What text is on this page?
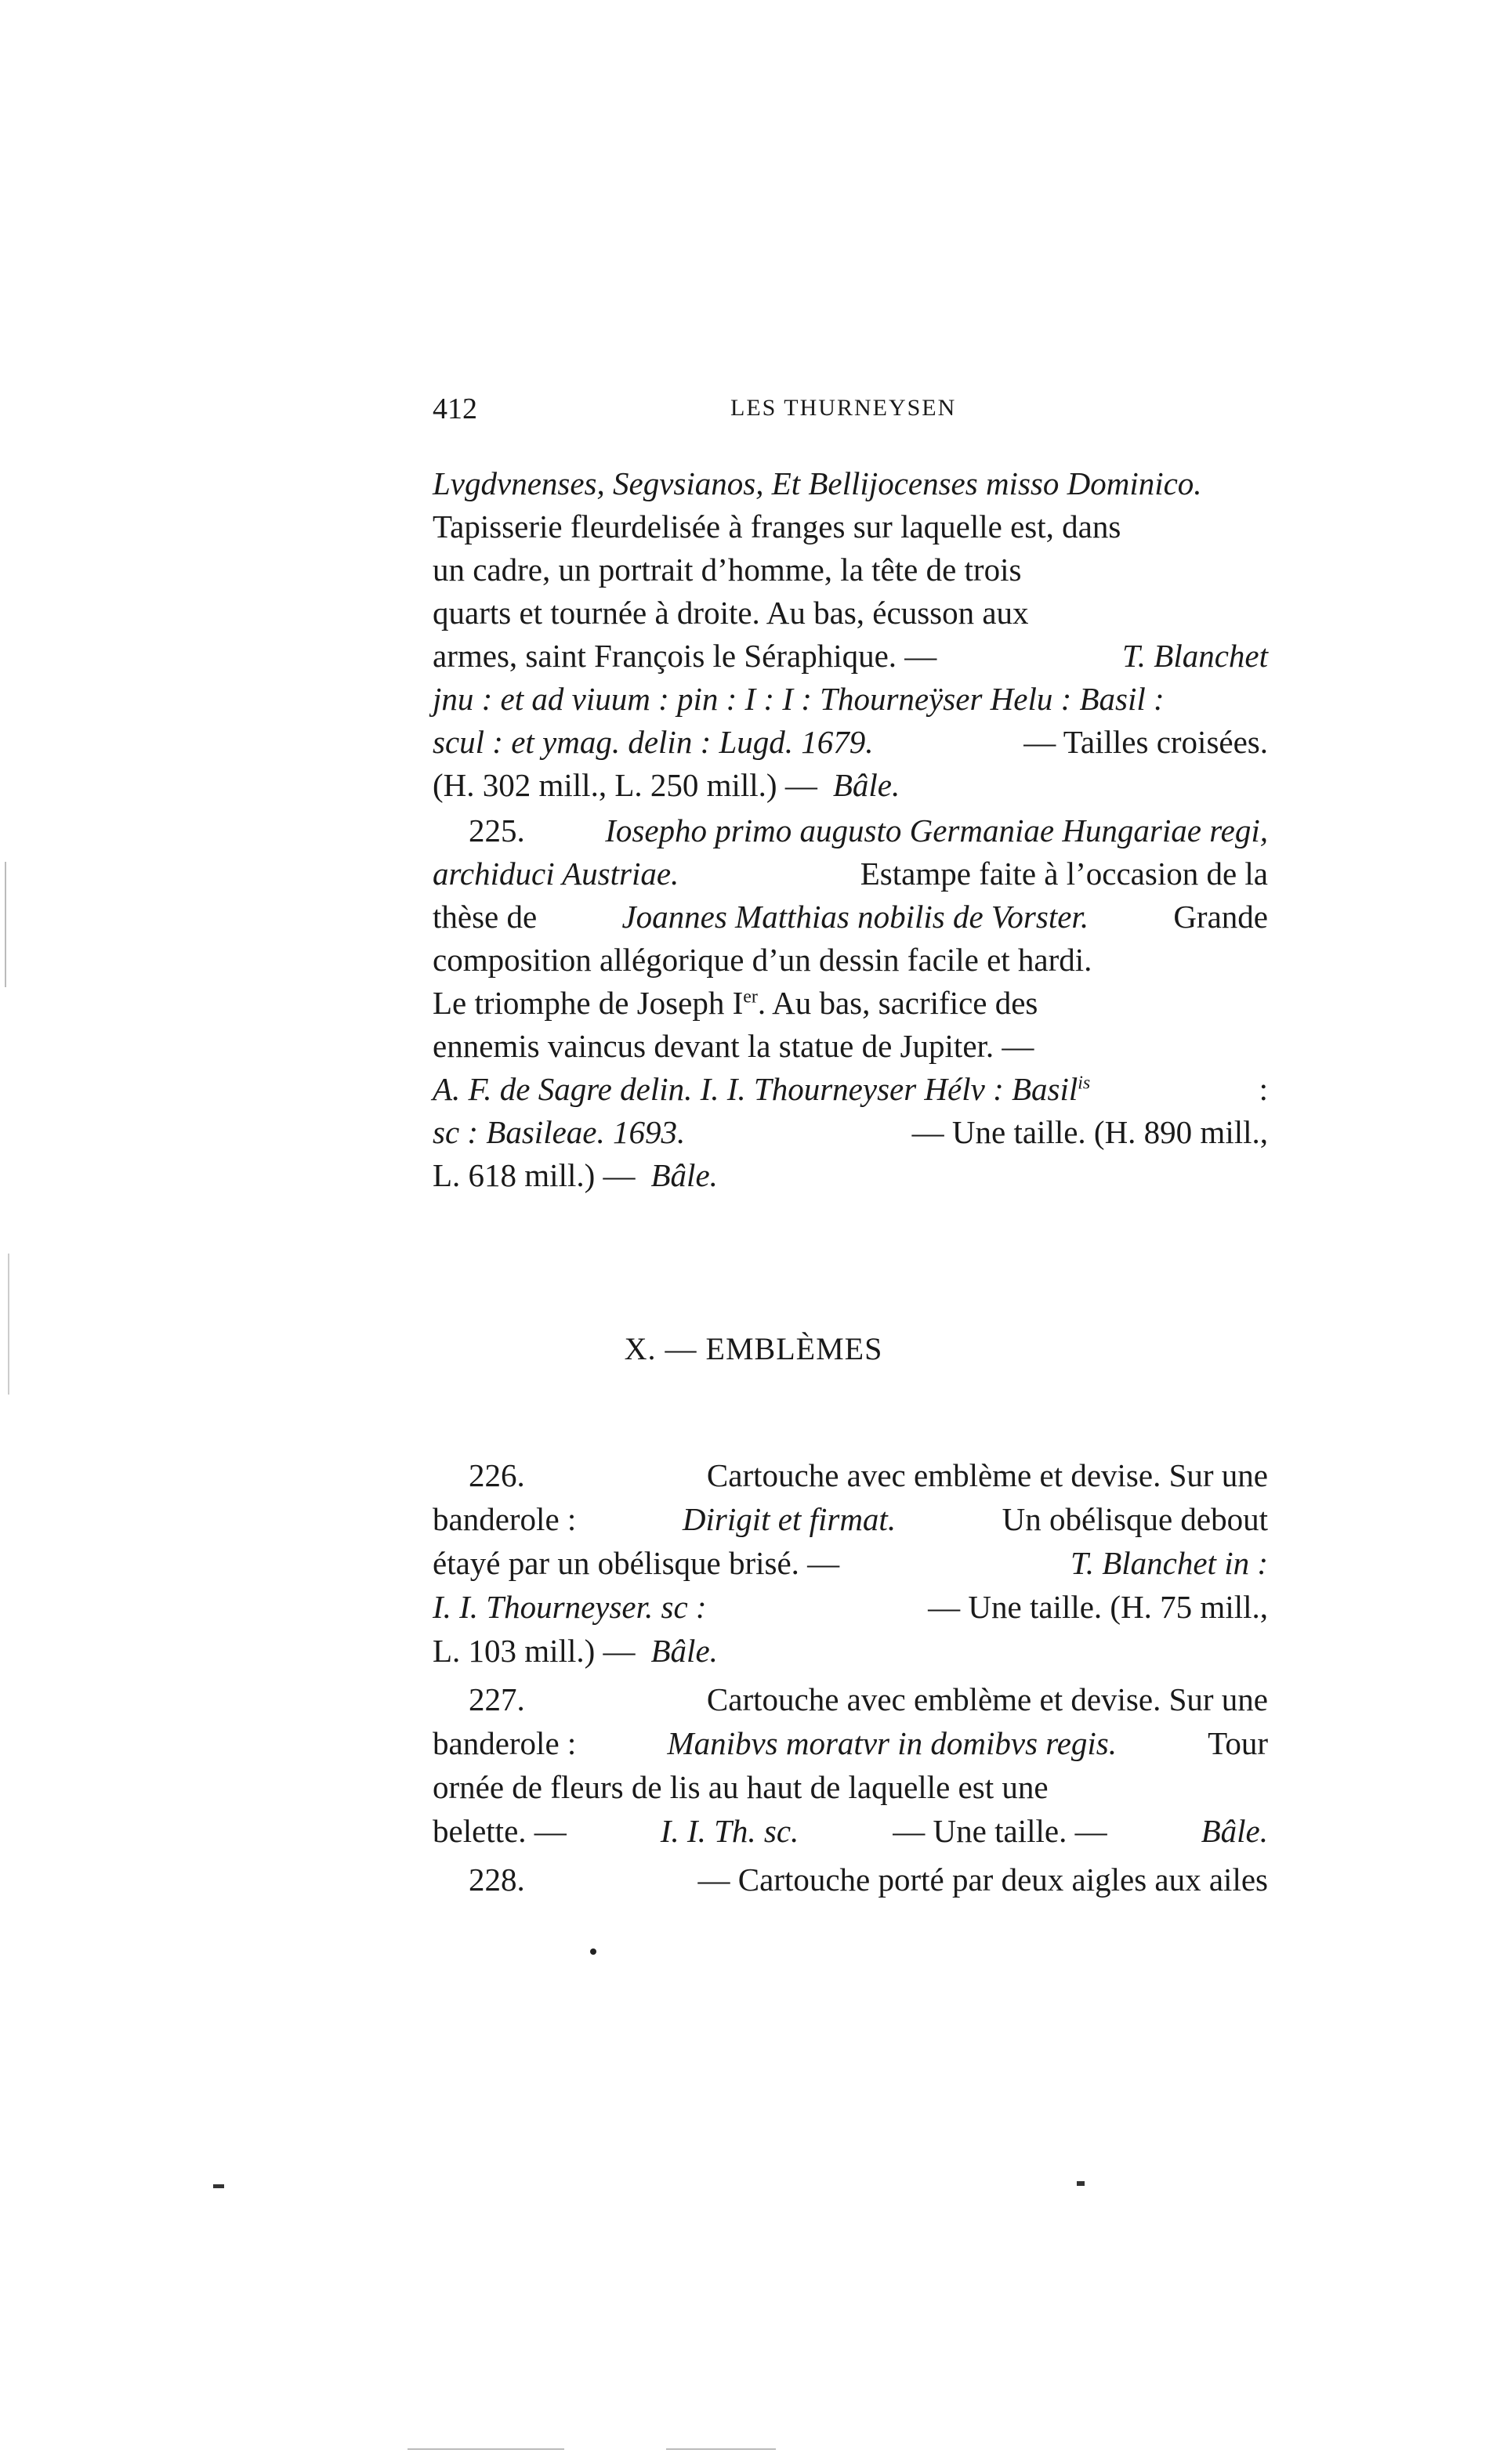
412	LES THURNEYSEN
Lvgdvnenses, Segvsianos, Et Bellijocenses misso Dominico.
Tapisserie fleurdelisée à franges sur laquelle est, dans
un cadre, un portrait d’homme, la tête de trois
quarts et tournée à droite. Au bas, écusson aux
armes, saint François le Séraphique. —	T. Blanchet
jnu : et ad viuum : pin : I : I : Thourneÿser Helu : Basil :
scul : et ymag. delin : Lugd. 1679.	— Tailles croisées.
(H. 302 mill., L. 250 mill.) — Bâle.
225.	Iosepho primo augusto Germaniae Hungariae regi,
archiduci Austriae.	Estampe faite à l’occasion de la
thèse de	Joannes Matthias nobilis de Vorster.	Grande
composition allégorique d’un dessin facile et hardi.
Le triomphe de Joseph Ier. Au bas, sacrifice des
ennemis vaincus devant la statue de Jupiter. —
A. F. de Sagre delin. I. I. Thourneyser Hélv : Basil$^{is}$	:
sc : Basileae. 1693.	— Une taille. (H. 890 mill.,
L. 618 mill.) — Bâle.
X. — EMBLÈMES
226.	Cartouche avec emblème et devise. Sur une
banderole :	Dirigit et firmat.	Un obélisque debout
étayé par un obélisque brisé. —	T. Blanchet in :
I. I. Thourneyser. sc :	— Une taille. (H. 75 mill.,
L. 103 mill.) — Bâle.
227.	Cartouche avec emblème et devise. Sur une
banderole :	Manibvs moratvr in domibvs regis.	Tour
ornée de fleurs de lis au haut de laquelle est une
belette. —	I. I. Th. sc.	— Une taille. —	Bâle.
228.	— Cartouche porté par deux aigles aux ailes
